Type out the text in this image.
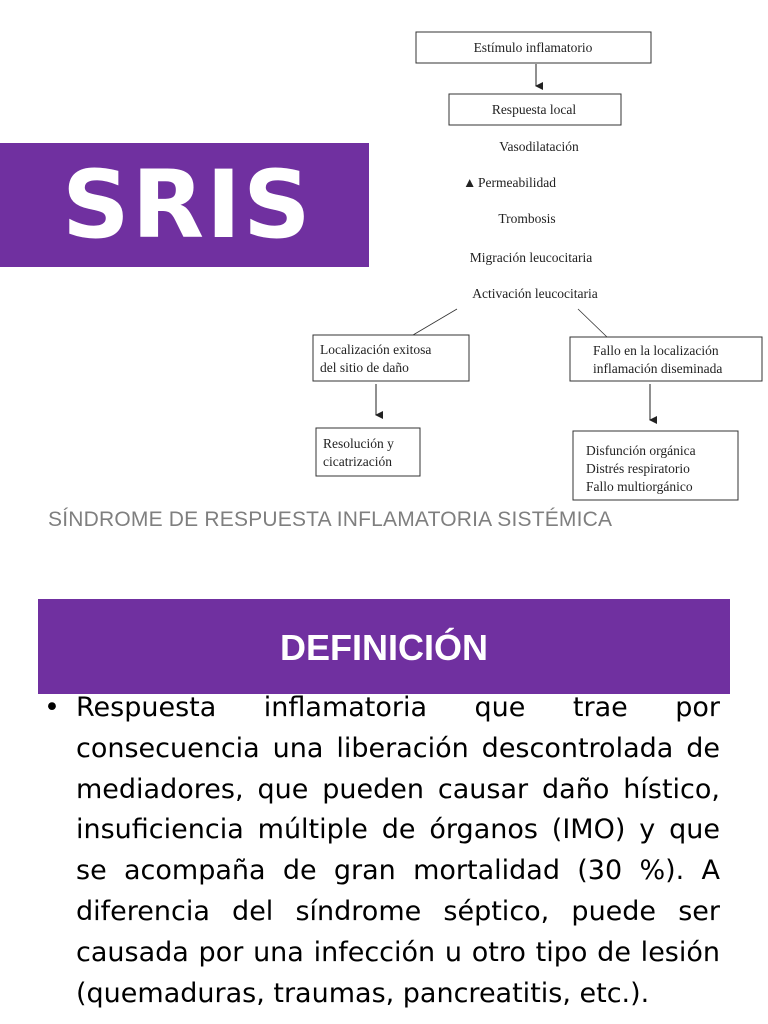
SRIS
Estímulo inflamatorio
Respuesta local
Vasodilatación
▲ Permeabilidad
Trombosis
Migración leucocitaria
Activación leucocitaria
Localización exitosa
del sitio de daño
Fallo en la localización
inflamación diseminada
Resolución y
cicatrización
Disfunción orgánica
Distrés respiratorio
Fallo multiorgánico
SÍNDROME DE RESPUESTA INFLAMATORIA SISTÉMICA
DEFINICIÓN
• Respuesta inflamatoria que trae por consecuencia una liberación descontrolada de mediadores, que pueden causar daño hístico, insuficiencia múltiple de órganos (IMO) y que se acompaña de gran mortalidad (30 %). A diferencia del síndrome séptico, puede ser causada por una infección u otro tipo de lesión (quemaduras, traumas, pancreatitis, etc.).
